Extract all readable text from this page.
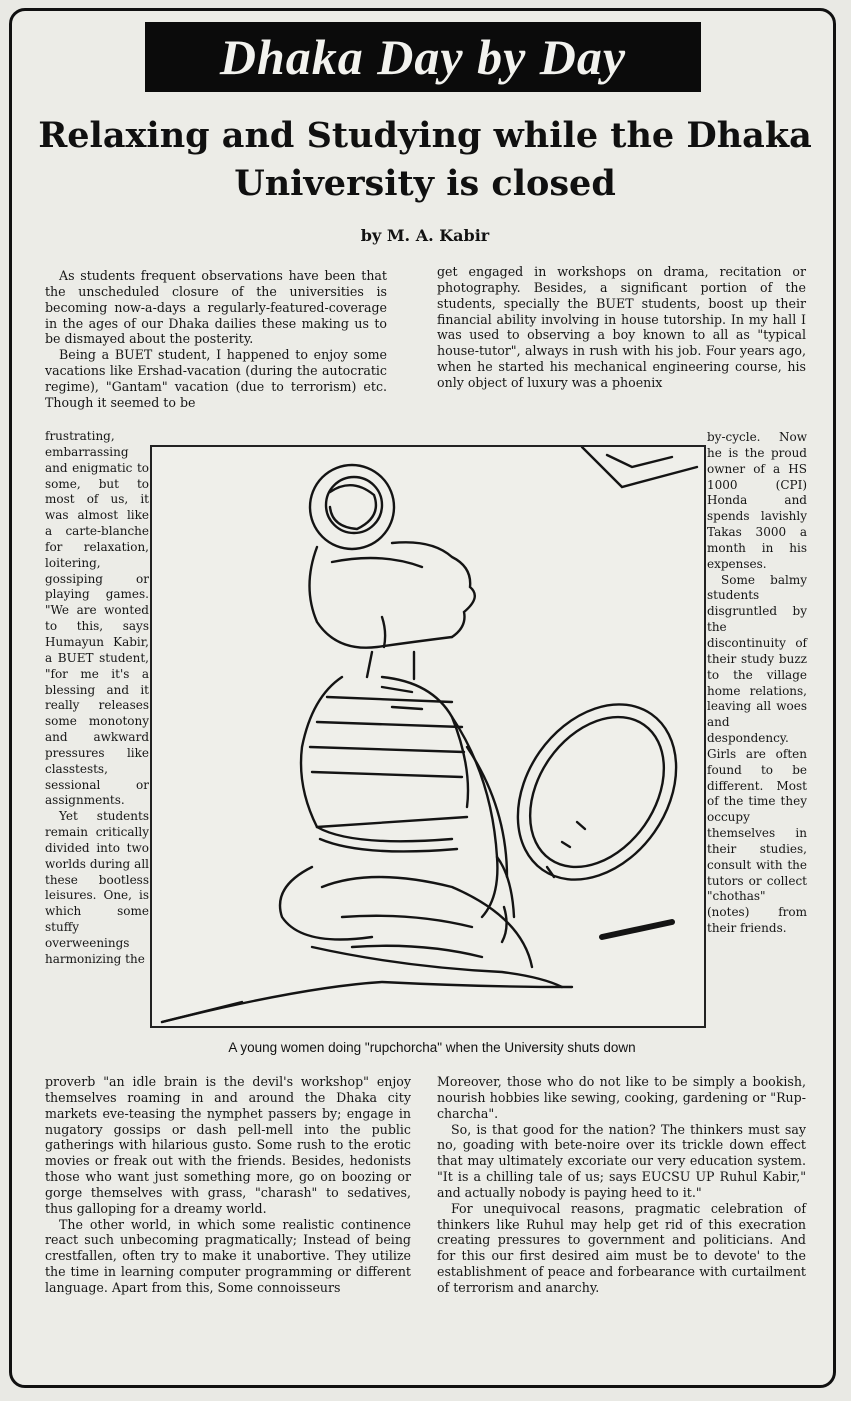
Dhaka Day by Day
Relaxing and Studying while the Dhaka University is closed
by M. A. Kabir

As students frequent observations have been that the unscheduled closure of the universities is becoming now-a-days a regularly-featured-coverage in the ages of our Dhaka dailies these making us to be dismayed about the posterity.

Being a BUET student, I happened to enjoy some vacations like Ershad-vacation (during the autocratic regime), "Gantam" vacation (due to terrorism) etc. Though it seemed to be

frustrating, embarrassing and enigmatic to some, but to most of us, it was almost like a carte-blanche for relaxation, loitering, gossiping or playing games. "We are wonted to this, says Humayun Kabir, a BUET student, "for me it's a blessing and it really releases some monotony and awkward pressures like classtests, sessional or assignments.

Yet students remain critically divided into two worlds during all these bootless leisures. One, is which some stuffy overweenings harmonizing the

proverb "an idle brain is the devil's workshop" enjoy themselves roaming in and around the Dhaka city markets eve-teasing the nymphet passers by; engage in nugatory gossips or dash pell-mell into the public gatherings with hilarious gusto. Some rush to the erotic movies or freak out with the friends. Besides, hedonists those who want just something more, go on boozing or gorge themselves with grass, "charash" to sedatives, thus galloping for a dreamy world.

The other world, in which some realistic continence react such unbecoming pragmatically; Instead of being crestfallen, often try to make it unabortive. They utilize the time in learning computer programming or different language. Apart from this, Some connoisseurs

get engaged in workshops on drama, recitation or photography. Besides, a significant portion of the students, specially the BUET students, boost up their financial ability involving in house tutorship. In my hall I was used to observing a boy known to all as "typical house-tutor", always in rush with his job. Four years ago, when he started his mechanical engineering course, his only object of luxury was a phoenix

by-cycle. Now he is the proud owner of a HS 1000 (CPI) Honda and spends lavishly Takas 3000 a month in his expenses.

Some balmy students disgruntled by the discontinuity of their study buzz to the village home relations, leaving all woes and despondency. Girls are often found to be different. Most of the time they occupy themselves in their studies, consult with the tutors or collect "chothas" (notes) from their friends.

Moreover, those who do not like to be simply a bookish, nourish hobbies like sewing, cooking, gardening or "Rup-charcha".

So, is that good for the nation? The thinkers must say no, goading with bete-noire over its trickle down effect that may ultimately excoriate our very education system. "It is a chilling tale of us; says EUCSU UP Ruhul Kabir," and actually nobody is paying heed to it."

For unequivocal reasons, pragmatic celebration of thinkers like Ruhul may help get rid of this execration creating pressures to government and politicians. And for this our first desired aim must be to devote' to the establishment of peace and forbearance with curtailment of terrorism and anarchy.

A young women doing "rupchorcha" when the University shuts down
